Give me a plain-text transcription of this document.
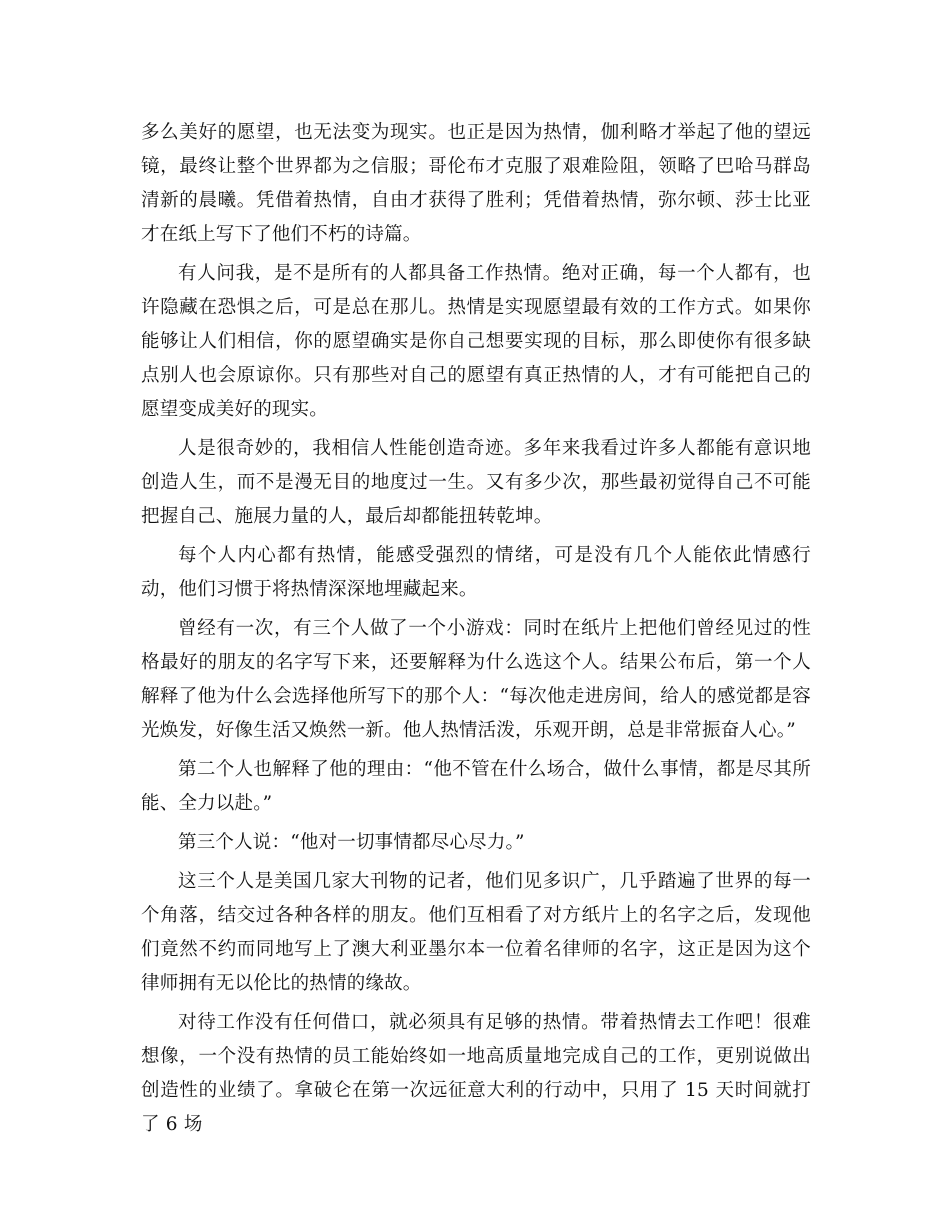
多么美好的愿望，也无法变为现实。也正是因为热情，伽利略才举起了他的望远镜，最终让整个世界都为之信服；哥伦布才克服了艰难险阻，领略了巴哈马群岛清新的晨曦。凭借着热情，自由才获得了胜利；凭借着热情，弥尔顿、莎士比亚才在纸上写下了他们不朽的诗篇。

有人问我，是不是所有的人都具备工作热情。绝对正确，每一个人都有，也许隐藏在恐惧之后，可是总在那儿。热情是实现愿望最有效的工作方式。如果你能够让人们相信，你的愿望确实是你自己想要实现的目标，那么即使你有很多缺点别人也会原谅你。只有那些对自己的愿望有真正热情的人，才有可能把自己的愿望变成美好的现实。

人是很奇妙的，我相信人性能创造奇迹。多年来我看过许多人都能有意识地创造人生，而不是漫无目的地度过一生。又有多少次，那些最初觉得自己不可能把握自己、施展力量的人，最后却都能扭转乾坤。

每个人内心都有热情，能感受强烈的情绪，可是没有几个人能依此情感行动，他们习惯于将热情深深地埋藏起来。

曾经有一次，有三个人做了一个小游戏：同时在纸片上把他们曾经见过的性格最好的朋友的名字写下来，还要解释为什么选这个人。结果公布后，第一个人解释了他为什么会选择他所写下的那个人：“每次他走进房间，给人的感觉都是容光焕发，好像生活又焕然一新。他人热情活泼，乐观开朗，总是非常振奋人心。”

第二个人也解释了他的理由：“他不管在什么场合，做什么事情，都是尽其所能、全力以赴。”

第三个人说：“他对一切事情都尽心尽力。”

这三个人是美国几家大刊物的记者，他们见多识广，几乎踏遍了世界的每一个角落，结交过各种各样的朋友。他们互相看了对方纸片上的名字之后，发现他们竟然不约而同地写上了澳大利亚墨尔本一位着名律师的名字，这正是因为这个律师拥有无以伦比的热情的缘故。

对待工作没有任何借口，就必须具有足够的热情。带着热情去工作吧！很难想像，一个没有热情的员工能始终如一地高质量地完成自己的工作，更别说做出创造性的业绩了。拿破仑在第一次远征意大利的行动中，只用了 15 天时间就打了 6 场
